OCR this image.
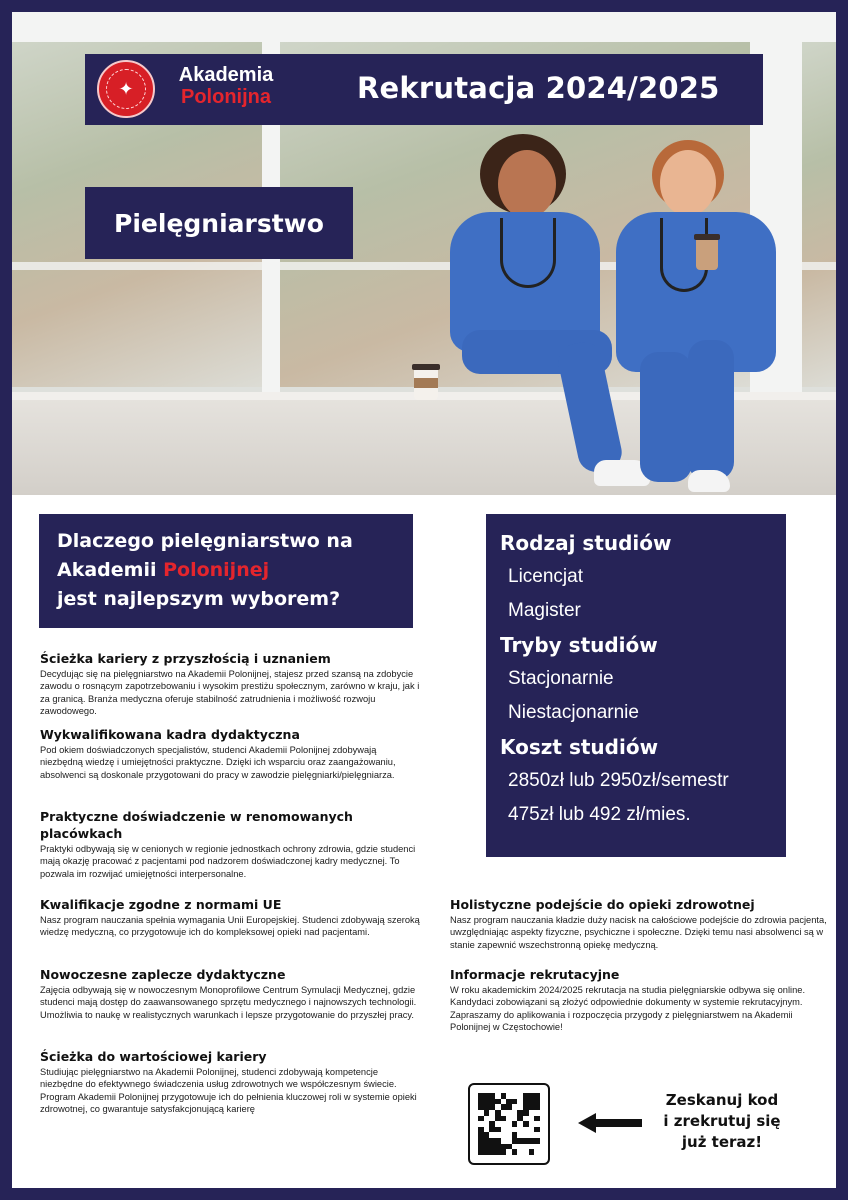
✦
Akademia
Polonijna	Rekrutacja 2024/2025
Pielęgniarstwo
Dlaczego pielęgniarstwo na
Akademii Polonijnej
jest najlepszym wyborem?
Rodzaj studiów
Licencjat
Magister
Tryby studiów
Stacjonarnie
Niestacjonarnie
Koszt studiów
2850zł lub 2950zł/semestr
475zł lub 492 zł/mies.
Ścieżka kariery z przyszłością i uznaniem

Decydując się na pielęgniarstwo na Akademii Polonijnej, stajesz przed szansą na zdobycie zawodu o rosnącym zapotrzebowaniu i wysokim prestiżu społecznym, zarówno w kraju, jak i za granicą. Branża medyczna oferuje stabilność zatrudnienia i możliwość rozwoju zawodowego.

Wykwalifikowana kadra dydaktyczna

Pod okiem doświadczonych specjalistów, studenci Akademii Polonijnej zdobywają niezbędną wiedzę i umiejętności praktyczne. Dzięki ich wsparciu oraz zaangażowaniu, absolwenci są doskonale przygotowani do pracy w zawodzie pielęgniarki/pielęgniarza.

Praktyczne doświadczenie w renomowanych placówkach

Praktyki odbywają się w cenionych w regionie jednostkach ochrony zdrowia, gdzie studenci mają okazję pracować z pacjentami pod nadzorem doświadczonej kadry medycznej. To pozwala im rozwijać umiejętności interpersonalne.

Kwalifikacje zgodne z normami UE

Nasz program nauczania spełnia wymagania Unii Europejskiej. Studenci zdobywają szeroką wiedzę medyczną, co przygotowuje ich do kompleksowej opieki nad pacjentami.

Nowoczesne zaplecze dydaktyczne

Zajęcia odbywają się w nowoczesnym Monoprofilowe Centrum Symulacji Medycznej, gdzie studenci mają dostęp do zaawansowanego sprzętu medycznego i najnowszych technologii. Umożliwia to naukę w realistycznych warunkach i lepsze przygotowanie do przyszłej pracy.

Ścieżka do wartościowej kariery

Studiując pielęgniarstwo na Akademii Polonijnej, studenci zdobywają kompetencje niezbędne do efektywnego świadczenia usług zdrowotnych we współczesnym świecie. Program Akademii Polonijnej przygotowuje ich do pełnienia kluczowej roli w systemie opieki zdrowotnej, co gwarantuje satysfakcjonującą karierę

Holistyczne podejście do opieki zdrowotnej

Nasz program nauczania kładzie duży nacisk na całościowe podejście do zdrowia pacjenta, uwzględniając aspekty fizyczne, psychiczne i społeczne. Dzięki temu nasi absolwenci są w stanie zapewnić wszechstronną opiekę medyczną.

Informacje rekrutacyjne

W roku akademickim 2024/2025 rekrutacja na studia pielęgniarskie odbywa się online. Kandydaci zobowiązani są złożyć odpowiednie dokumenty w systemie rekrutacyjnym.

Zapraszamy do aplikowania i rozpoczęcia przygody z pielęgniarstwem na Akademii Polonijnej w Częstochowie!

Zeskanuj kod
i zrekrutuj się
już teraz!
